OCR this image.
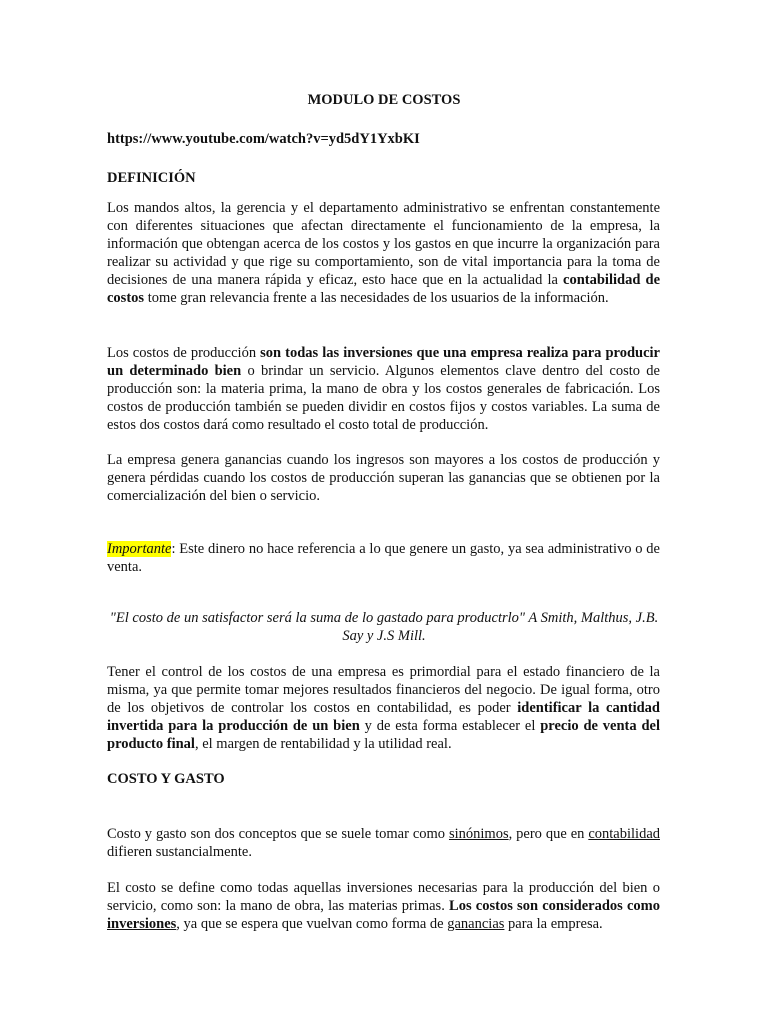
MODULO DE COSTOS

https://www.youtube.com/watch?v=yd5dY1YxbKI

DEFINICIÓN

Los mandos altos, la gerencia y el departamento administrativo se enfrentan constantemente con diferentes situaciones que afectan directamente el funcionamiento de la empresa, la información que obtengan acerca de los costos y los gastos en que incurre la organización para realizar su actividad y que rige su comportamiento, son de vital importancia para la toma de decisiones de una manera rápida y eficaz, esto hace que en la actualidad la contabilidad de costos tome gran relevancia frente a las necesidades de los usuarios de la información.

Los costos de producción son todas las inversiones que una empresa realiza para producir un determinado bien o brindar un servicio. Algunos elementos clave dentro del costo de producción son: la materia prima, la mano de obra y los costos generales de fabricación. Los costos de producción también se pueden dividir en costos fijos y costos variables. La suma de estos dos costos dará como resultado el costo total de producción.

La empresa genera ganancias cuando los ingresos son mayores a los costos de producción y genera pérdidas cuando los costos de producción superan las ganancias que se obtienen por la comercialización del bien o servicio.

Importante: Este dinero no hace referencia a lo que genere un gasto, ya sea administrativo o de venta.

"El costo de un satisfactor será la suma de lo gastado para productrlo" A Smith, Malthus, J.B. Say y J.S Mill.

Tener el control de los costos de una empresa es primordial para el estado financiero de la misma, ya que permite tomar mejores resultados financieros del negocio. De igual forma, otro de los objetivos de controlar los costos en contabilidad, es poder identificar la cantidad invertida para la producción de un bien y de esta forma establecer el precio de venta del producto final, el margen de rentabilidad y la utilidad real.

COSTO Y GASTO

Costo y gasto son dos conceptos que se suele tomar como sinónimos, pero que en contabilidad difieren sustancialmente.

El costo se define como todas aquellas inversiones necesarias para la producción del bien o servicio, como son: la mano de obra, las materias primas. Los costos son considerados como inversiones, ya que se espera que vuelvan como forma de ganancias para la empresa.
